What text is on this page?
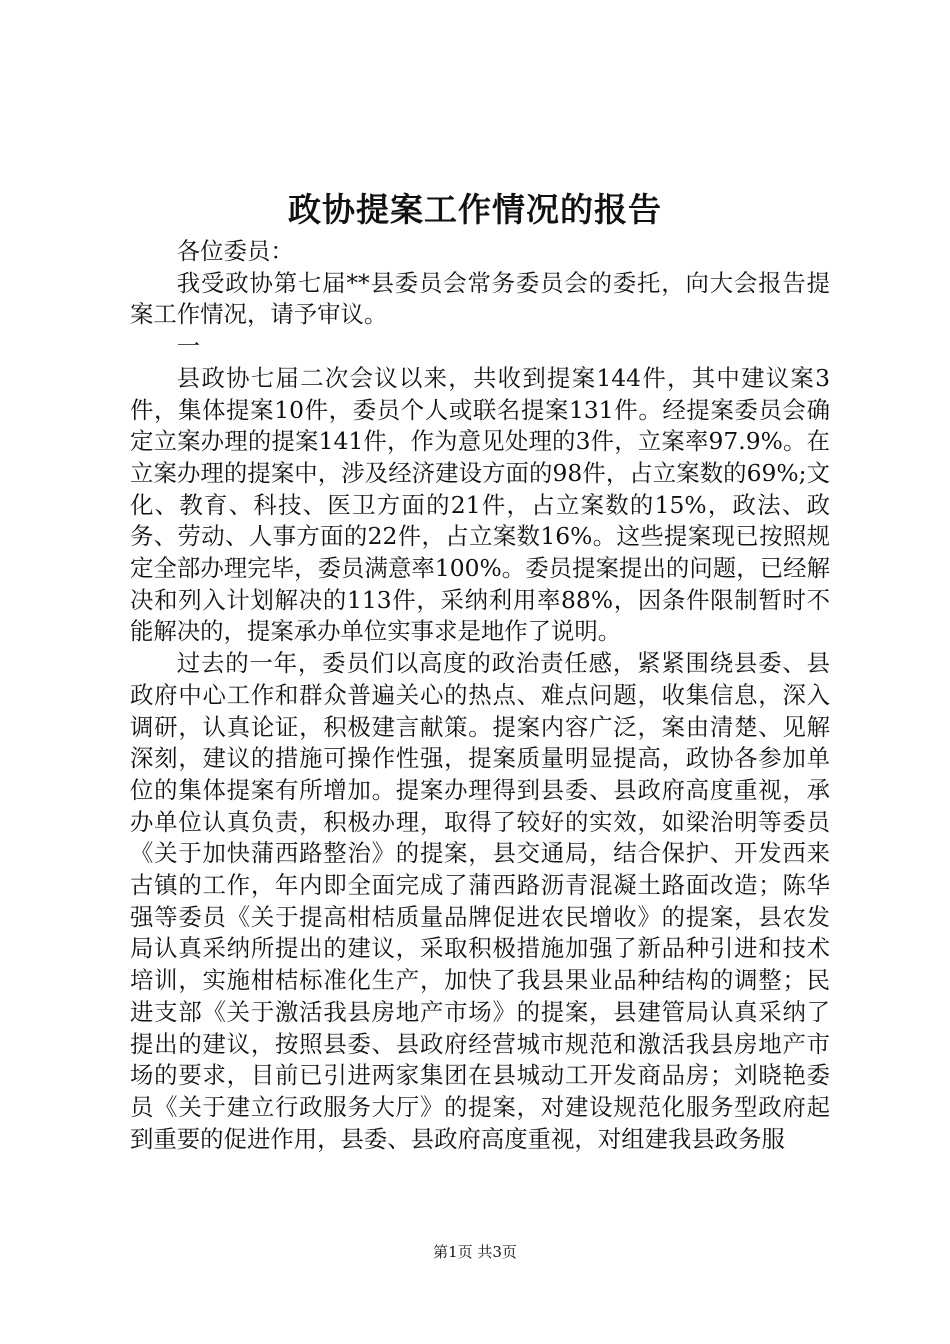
政协提案工作情况的报告

各位委员：

我受政协第七届**县委员会常务委员会的委托，向大会报告提案工作情况，请予审议。

一

县政协七届二次会议以来，共收到提案144件，其中建议案3件，集体提案10件，委员个人或联名提案131件。经提案委员会确定立案办理的提案141件，作为意见处理的3件，立案率97.9%。在立案办理的提案中，涉及经济建设方面的98件，占立案数的69%;文化、教育、科技、医卫方面的21件，占立案数的15%，政法、政务、劳动、人事方面的22件，占立案数16%。这些提案现已按照规定全部办理完毕，委员满意率100%。委员提案提出的问题，已经解决和列入计划解决的113件，采纳利用率88%，因条件限制暂时不能解决的，提案承办单位实事求是地作了说明。

过去的一年，委员们以高度的政治责任感，紧紧围绕县委、县政府中心工作和群众普遍关心的热点、难点问题，收集信息，深入调研，认真论证，积极建言献策。提案内容广泛，案由清楚、见解深刻，建议的措施可操作性强，提案质量明显提高，政协各参加单位的集体提案有所增加。提案办理得到县委、县政府高度重视，承办单位认真负责，积极办理，取得了较好的实效，如梁治明等委员《关于加快蒲西路整治》的提案，县交通局，结合保护、开发西来古镇的工作，年内即全面完成了蒲西路沥青混凝土路面改造；陈华强等委员《关于提高柑桔质量品牌促进农民增收》的提案，县农发局认真采纳所提出的建议，采取积极措施加强了新品种引进和技术培训，实施柑桔标准化生产，加快了我县果业品种结构的调整；民进支部《关于激活我县房地产市场》的提案，县建管局认真采纳了提出的建议，按照县委、县政府经营城市规范和激活我县房地产市场的要求，目前已引进两家集团在县城动工开发商品房；刘晓艳委员《关于建立行政服务大厅》的提案，对建设规范化服务型政府起到重要的促进作用，县委、县政府高度重视，对组建我县政务服

第1页 共3页
